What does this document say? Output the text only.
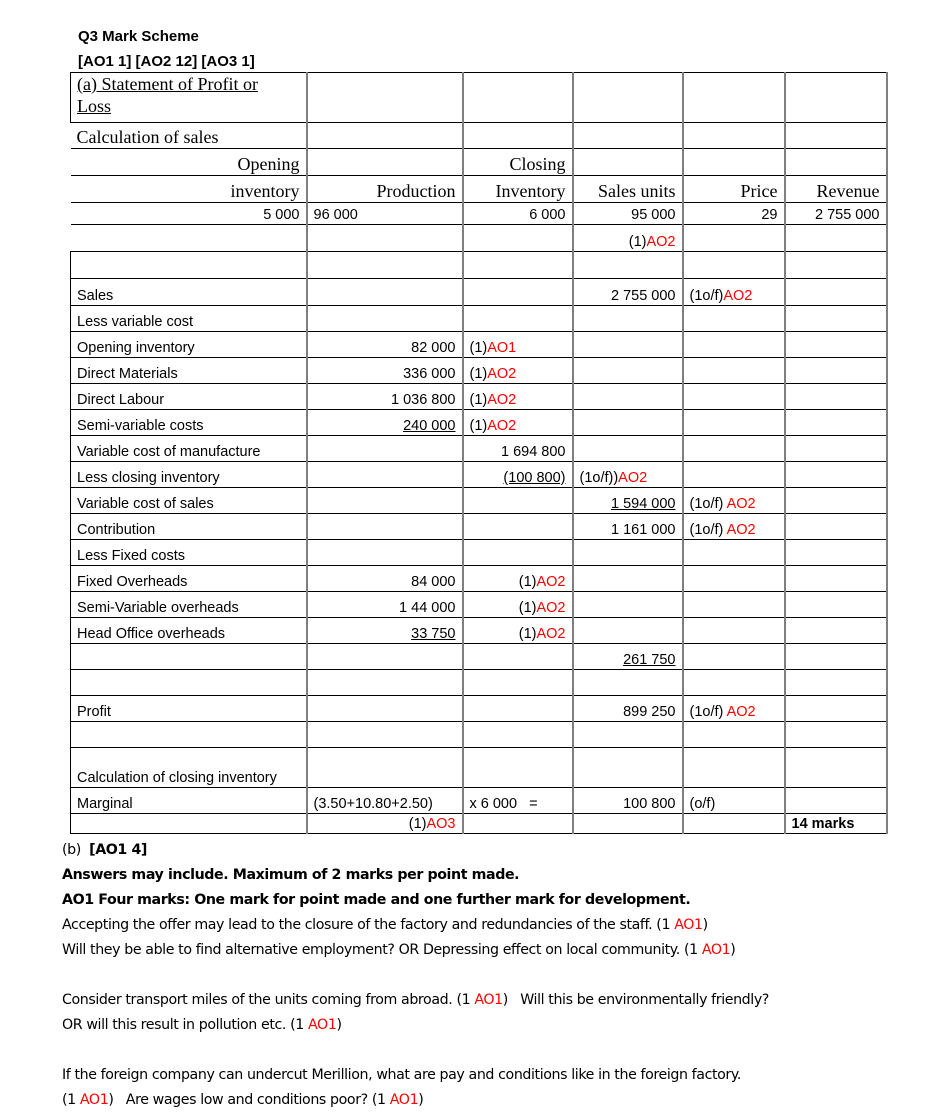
Q3 Mark Scheme
[AO1 1] [AO2 12] [AO3 1]
(a) Statement of Profit or
Loss					
Calculation of sales					
Opening		Closing			
inventory	Production	Inventory	Sales units	Price	Revenue
5 000	96 000	6 000	95 000	29	2 755 000
			(1)AO2		

Sales			2 755 000	(1o/f)AO2	
Less variable cost					
Opening inventory	82 000	(1)AO1			
Direct Materials	336 000	(1)AO2			
Direct Labour	1 036 800	(1)AO2			
Semi-variable costs	240 000	(1)AO2			
Variable cost of manufacture		1 694 800			
Less closing inventory		(100 800)	(1o/f))AO2		
Variable cost of sales			1 594 000	(1o/f) AO2	
Contribution			1 161 000	(1o/f) AO2	
Less Fixed costs					
Fixed Overheads	84 000	(1)AO2			
Semi-Variable overheads	1 44 000	(1)AO2			
Head Office overheads	33 750	(1)AO2			
			261 750		

Profit			899 250	(1o/f) AO2	

Calculation of closing inventory					
Marginal	(3.50+10.80+2.50)	x 6 000   =	100 800	(o/f)	
	(1)AO3				14 marks

(b)  [AO1 4]

Answers may include. Maximum of 2 marks per point made.

AO1 Four marks: One mark for point made and one further mark for development.

Accepting the offer may lead to the closure of the factory and redundancies of the staff. (1 AO1)

Will they be able to find alternative employment? OR Depressing effect on local community. (1 AO1)

Consider transport miles of the units coming from abroad. (1 AO1)   Will this be environmentally friendly?

OR will this result in pollution etc. (1 AO1)

If the foreign company can undercut Merillion, what are pay and conditions like in the foreign factory.

(1 AO1)   Are wages low and conditions poor? (1 AO1)
